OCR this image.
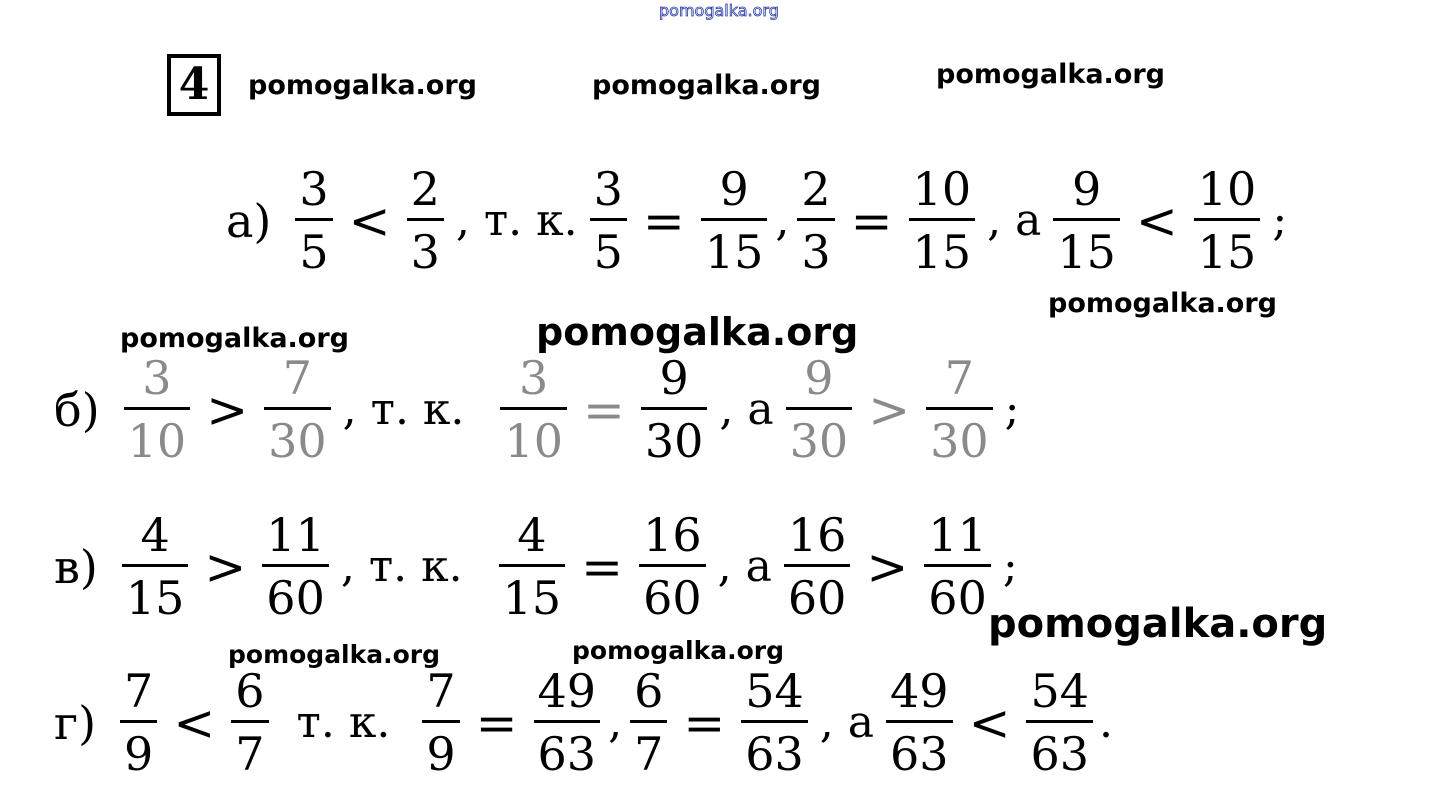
pomogalka.org
4 pomogalka.org	pomogalka.org	pomogalka.org
pomogalka.org
pomogalka.org	pomogalka.org
pomogalka.org
pomogalka.org	pomogalka.org
$а) \frac{3}{5} < \frac{2}{3}$ , т. к. $\frac{3}{5} = \frac{9}{15}$ , $\frac{2}{3} = \frac{10}{15}$ , а $\frac{9}{15} < \frac{10}{15}$ ;
$б) \frac{3}{10} > \frac{7}{30}$ , т. к. $\frac{3}{10} = \frac{9}{30}$ , а $\frac{9}{30} > \frac{7}{30}$ ;
$в) \frac{4}{15} > \frac{11}{60}$ , т. к. $\frac{4}{15} = \frac{16}{60}$ , а $\frac{16}{60} > \frac{11}{60}$ ;
$г) \frac{7}{9} < \frac{6}{7} т$. к. $\frac{7}{9} = \frac{49}{63}$ , $\frac{6}{7} = \frac{54}{63}$ , а $\frac{49}{63} < \frac{54}{63}$ .
